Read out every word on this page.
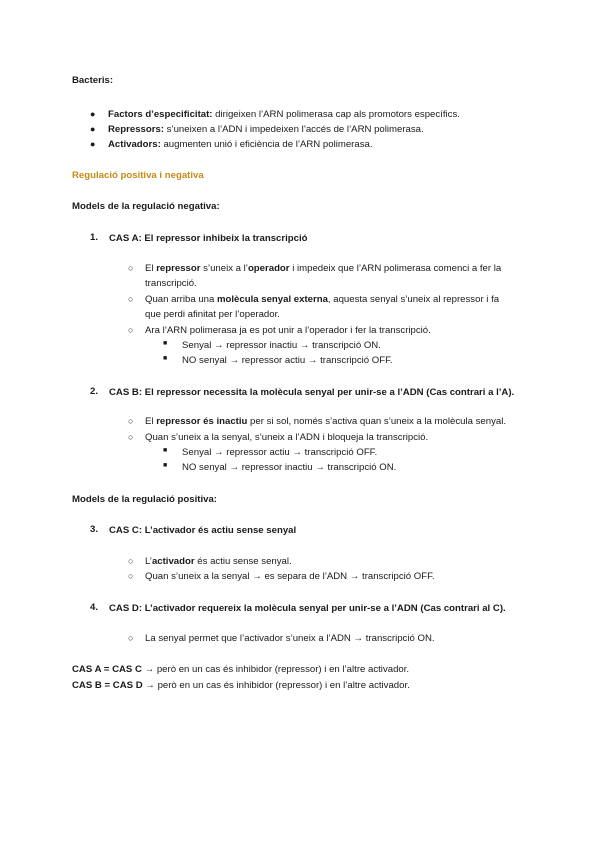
Bacteris:
● Factors d’especificitat: dirigeixen l’ARN polimerasa cap als promotors específics.
● Repressors: s’uneixen a l’ADN i impedeixen l’accés de l’ARN polimerasa.
● Activadors: augmenten unió i eficiència de l’ARN polimerasa.
Regulació positiva i negativa
Models de la regulació negativa:
1. CAS A: El repressor inhibeix la transcripció
○ El repressor s’uneix a l’operador i impedeix que l’ARN polimerasa comenci a fer la
transcripció.
○ Quan arriba una molècula senyal externa, aquesta senyal s’uneix al repressor i fa
que perdi afinitat per l’operador.
○ Ara l’ARN polimerasa ja es pot unir a l’operador i fer la transcripció.
■ Senyal → repressor inactiu → transcripció ON.
■ NO senyal → repressor actiu → transcripció OFF.
2. CAS B: El repressor necessita la molècula senyal per unir-se a l’ADN (Cas contrari a l’A).
○ El repressor és inactiu per si sol, només s’activa quan s’uneix a la molècula senyal.
○ Quan s’uneix a la senyal, s’uneix a l’ADN i bloqueja la transcripció.
■ Senyal → repressor actiu → transcripció OFF.
■ NO senyal → repressor inactiu → transcripció ON.
Models de la regulació positiva:
3. CAS C: L’activador és actiu sense senyal
○ L’activador és actiu sense senyal.
○ Quan s’uneix a la senyal → es separa de l’ADN → transcripció OFF.
4. CAS D: L’activador requereix la molècula senyal per unir-se a l’ADN (Cas contrari al C).
○ La senyal permet que l’activador s’uneix a l’ADN → transcripció ON.
CAS A = CAS C → però en un cas és inhibidor (repressor) i en l’altre activador.
CAS B = CAS D → però en un cas és inhibidor (repressor) i en l’altre activador.
